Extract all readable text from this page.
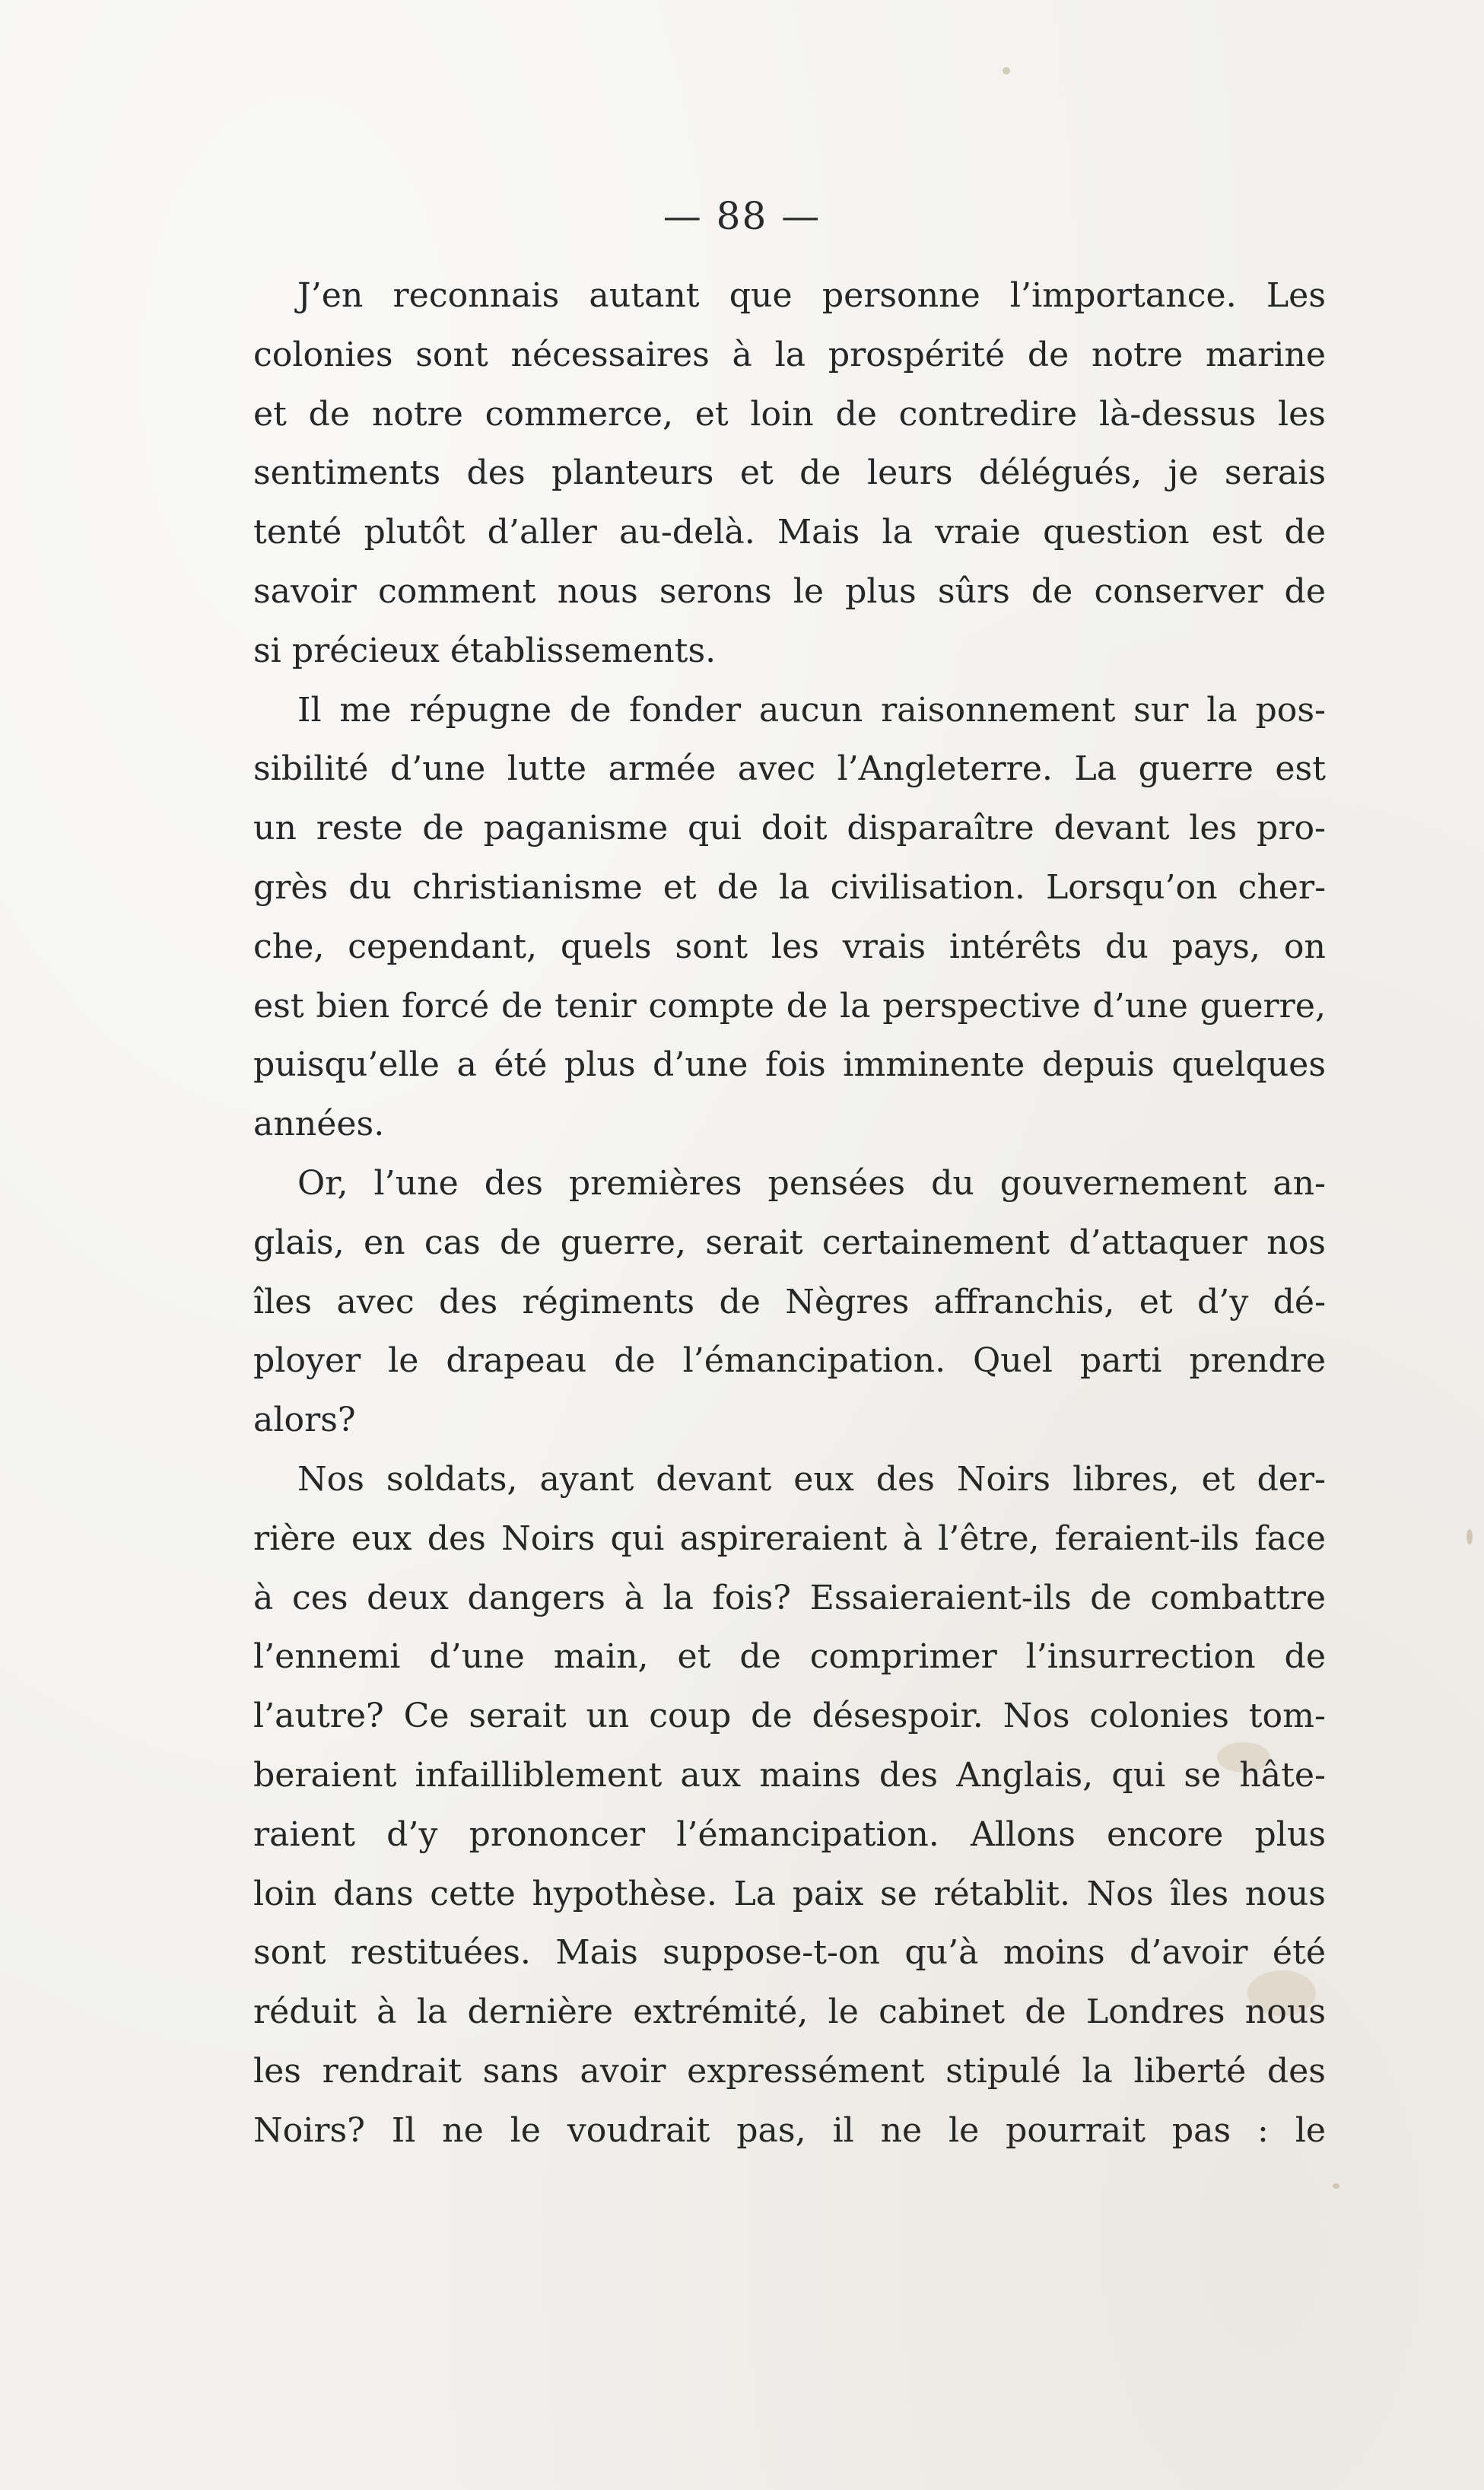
— 88 —
J’en reconnais autant que personne l’importance. Les
colonies sont nécessaires à la prospérité de notre marine
et de notre commerce, et loin de contredire là-dessus les
sentiments des planteurs et de leurs délégués, je serais
tenté plutôt d’aller au-delà. Mais la vraie question est de
savoir comment nous serons le plus sûrs de conserver de
si précieux établissements.
Il me répugne de fonder aucun raisonnement sur la pos-
sibilité d’une lutte armée avec l’Angleterre. La guerre est
un reste de paganisme qui doit disparaître devant les pro-
grès du christianisme et de la civilisation. Lorsqu’on cher-
che, cependant, quels sont les vrais intérêts du pays, on
est bien forcé de tenir compte de la perspective d’une guerre,
puisqu’elle a été plus d’une fois imminente depuis quelques
années.
Or, l’une des premières pensées du gouvernement an-
glais, en cas de guerre, serait certainement d’attaquer nos
îles avec des régiments de Nègres affranchis, et d’y dé-
ployer le drapeau de l’émancipation. Quel parti prendre
alors?
Nos soldats, ayant devant eux des Noirs libres, et der-
rière eux des Noirs qui aspireraient à l’être, feraient-ils face
à ces deux dangers à la fois? Essaieraient-ils de combattre
l’ennemi d’une main, et de comprimer l’insurrection de
l’autre? Ce serait un coup de désespoir. Nos colonies tom-
beraient infailliblement aux mains des Anglais, qui se hâte-
raient d’y prononcer l’émancipation. Allons encore plus
loin dans cette hypothèse. La paix se rétablit. Nos îles nous
sont restituées. Mais suppose-t-on qu’à moins d’avoir été
réduit à la dernière extrémité, le cabinet de Londres nous
les rendrait sans avoir expressément stipulé la liberté des
Noirs? Il ne le voudrait pas, il ne le pourrait pas : le
